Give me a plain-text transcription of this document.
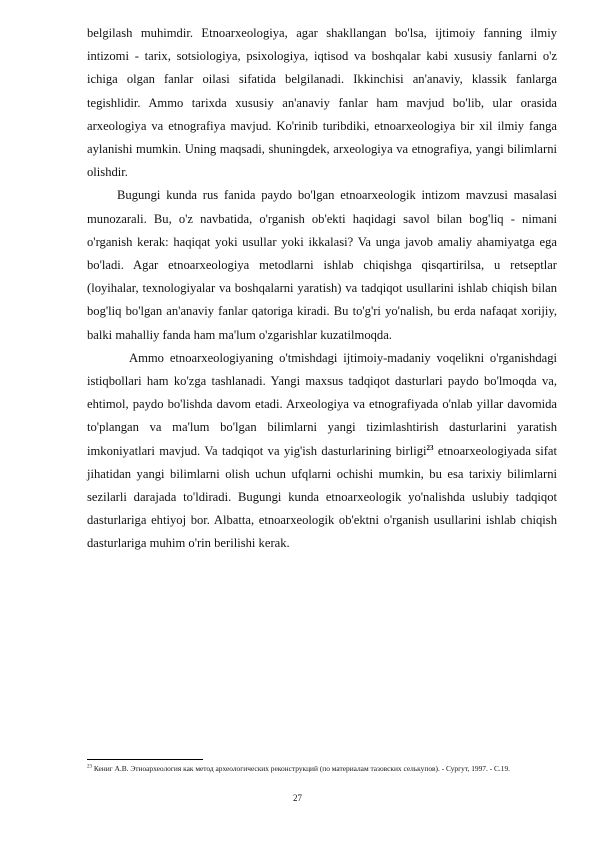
belgilash muhimdir. Etnoarxeologiya, agar shakllangan bo'lsa, ijtimoiy fanning ilmiy intizomi - tarix, sotsiologiya, psixologiya, iqtisod va boshqalar kabi xususiy fanlarni o'z ichiga olgan fanlar oilasi sifatida belgilanadi. Ikkinchisi an'anaviy, klassik fanlarga tegishlidir. Ammo tarixda xususiy an'anaviy fanlar ham mavjud bo'lib, ular orasida arxeologiya va etnografiya mavjud. Ko'rinib turibdiki, etnoarxeologiya bir xil ilmiy fanga aylanishi mumkin. Uning maqsadi, shuningdek, arxeologiya va etnografiya, yangi bilimlarni olishdir.

Bugungi kunda rus fanida paydo bo'lgan etnoarxeologik intizom mavzusi masalasi munozarali. Bu, o'z navbatida, o'rganish ob'ekti haqidagi savol bilan bog'liq - nimani o'rganish kerak: haqiqat yoki usullar yoki ikkalasi? Va unga javob amaliy ahamiyatga ega bo'ladi. Agar etnoarxeologiya metodlarni ishlab chiqishga qisqartirilsa, u retseptlar (loyihalar, texnologiyalar va boshqalarni yaratish) va tadqiqot usullarini ishlab chiqish bilan bog'liq bo'lgan an'anaviy fanlar qatoriga kiradi. Bu to'g'ri yo'nalish, bu erda nafaqat xorijiy, balki mahalliy fanda ham ma'lum o'zgarishlar kuzatilmoqda.

Ammo etnoarxeologiyaning o'tmishdagi ijtimoiy-madaniy voqelikni o'rganishdagi istiqbollari ham ko'zga tashlanadi. Yangi maxsus tadqiqot dasturlari paydo bo'lmoqda va, ehtimol, paydo bo'lishda davom etadi. Arxeologiya va etnografiyada o'nlab yillar davomida to'plangan va ma'lum bo'lgan bilimlarni yangi tizimlashtirish dasturlarini yaratish imkoniyatlari mavjud. Va tadqiqot va yig'ish dasturlarining birligi$^{23}$ etnoarxeologiyada sifat jihatidan yangi bilimlarni olish uchun ufqlarni ochishi mumkin, bu esa tarixiy bilimlarni sezilarli darajada to'ldiradi. Bugungi kunda etnoarxeologik yo'nalishda uslubiy tadqiqot dasturlariga ehtiyoj bor. Albatta, etnoarxeologik ob'ektni o'rganish usullarini ishlab chiqish dasturlariga muhim o'rin berilishi kerak.

$^{23}$ Кениг А.В. Этноархеология как метод археологических реконструкций (по материалам тазовских селькупов). - Сургут, 1997. - С.19.

27
